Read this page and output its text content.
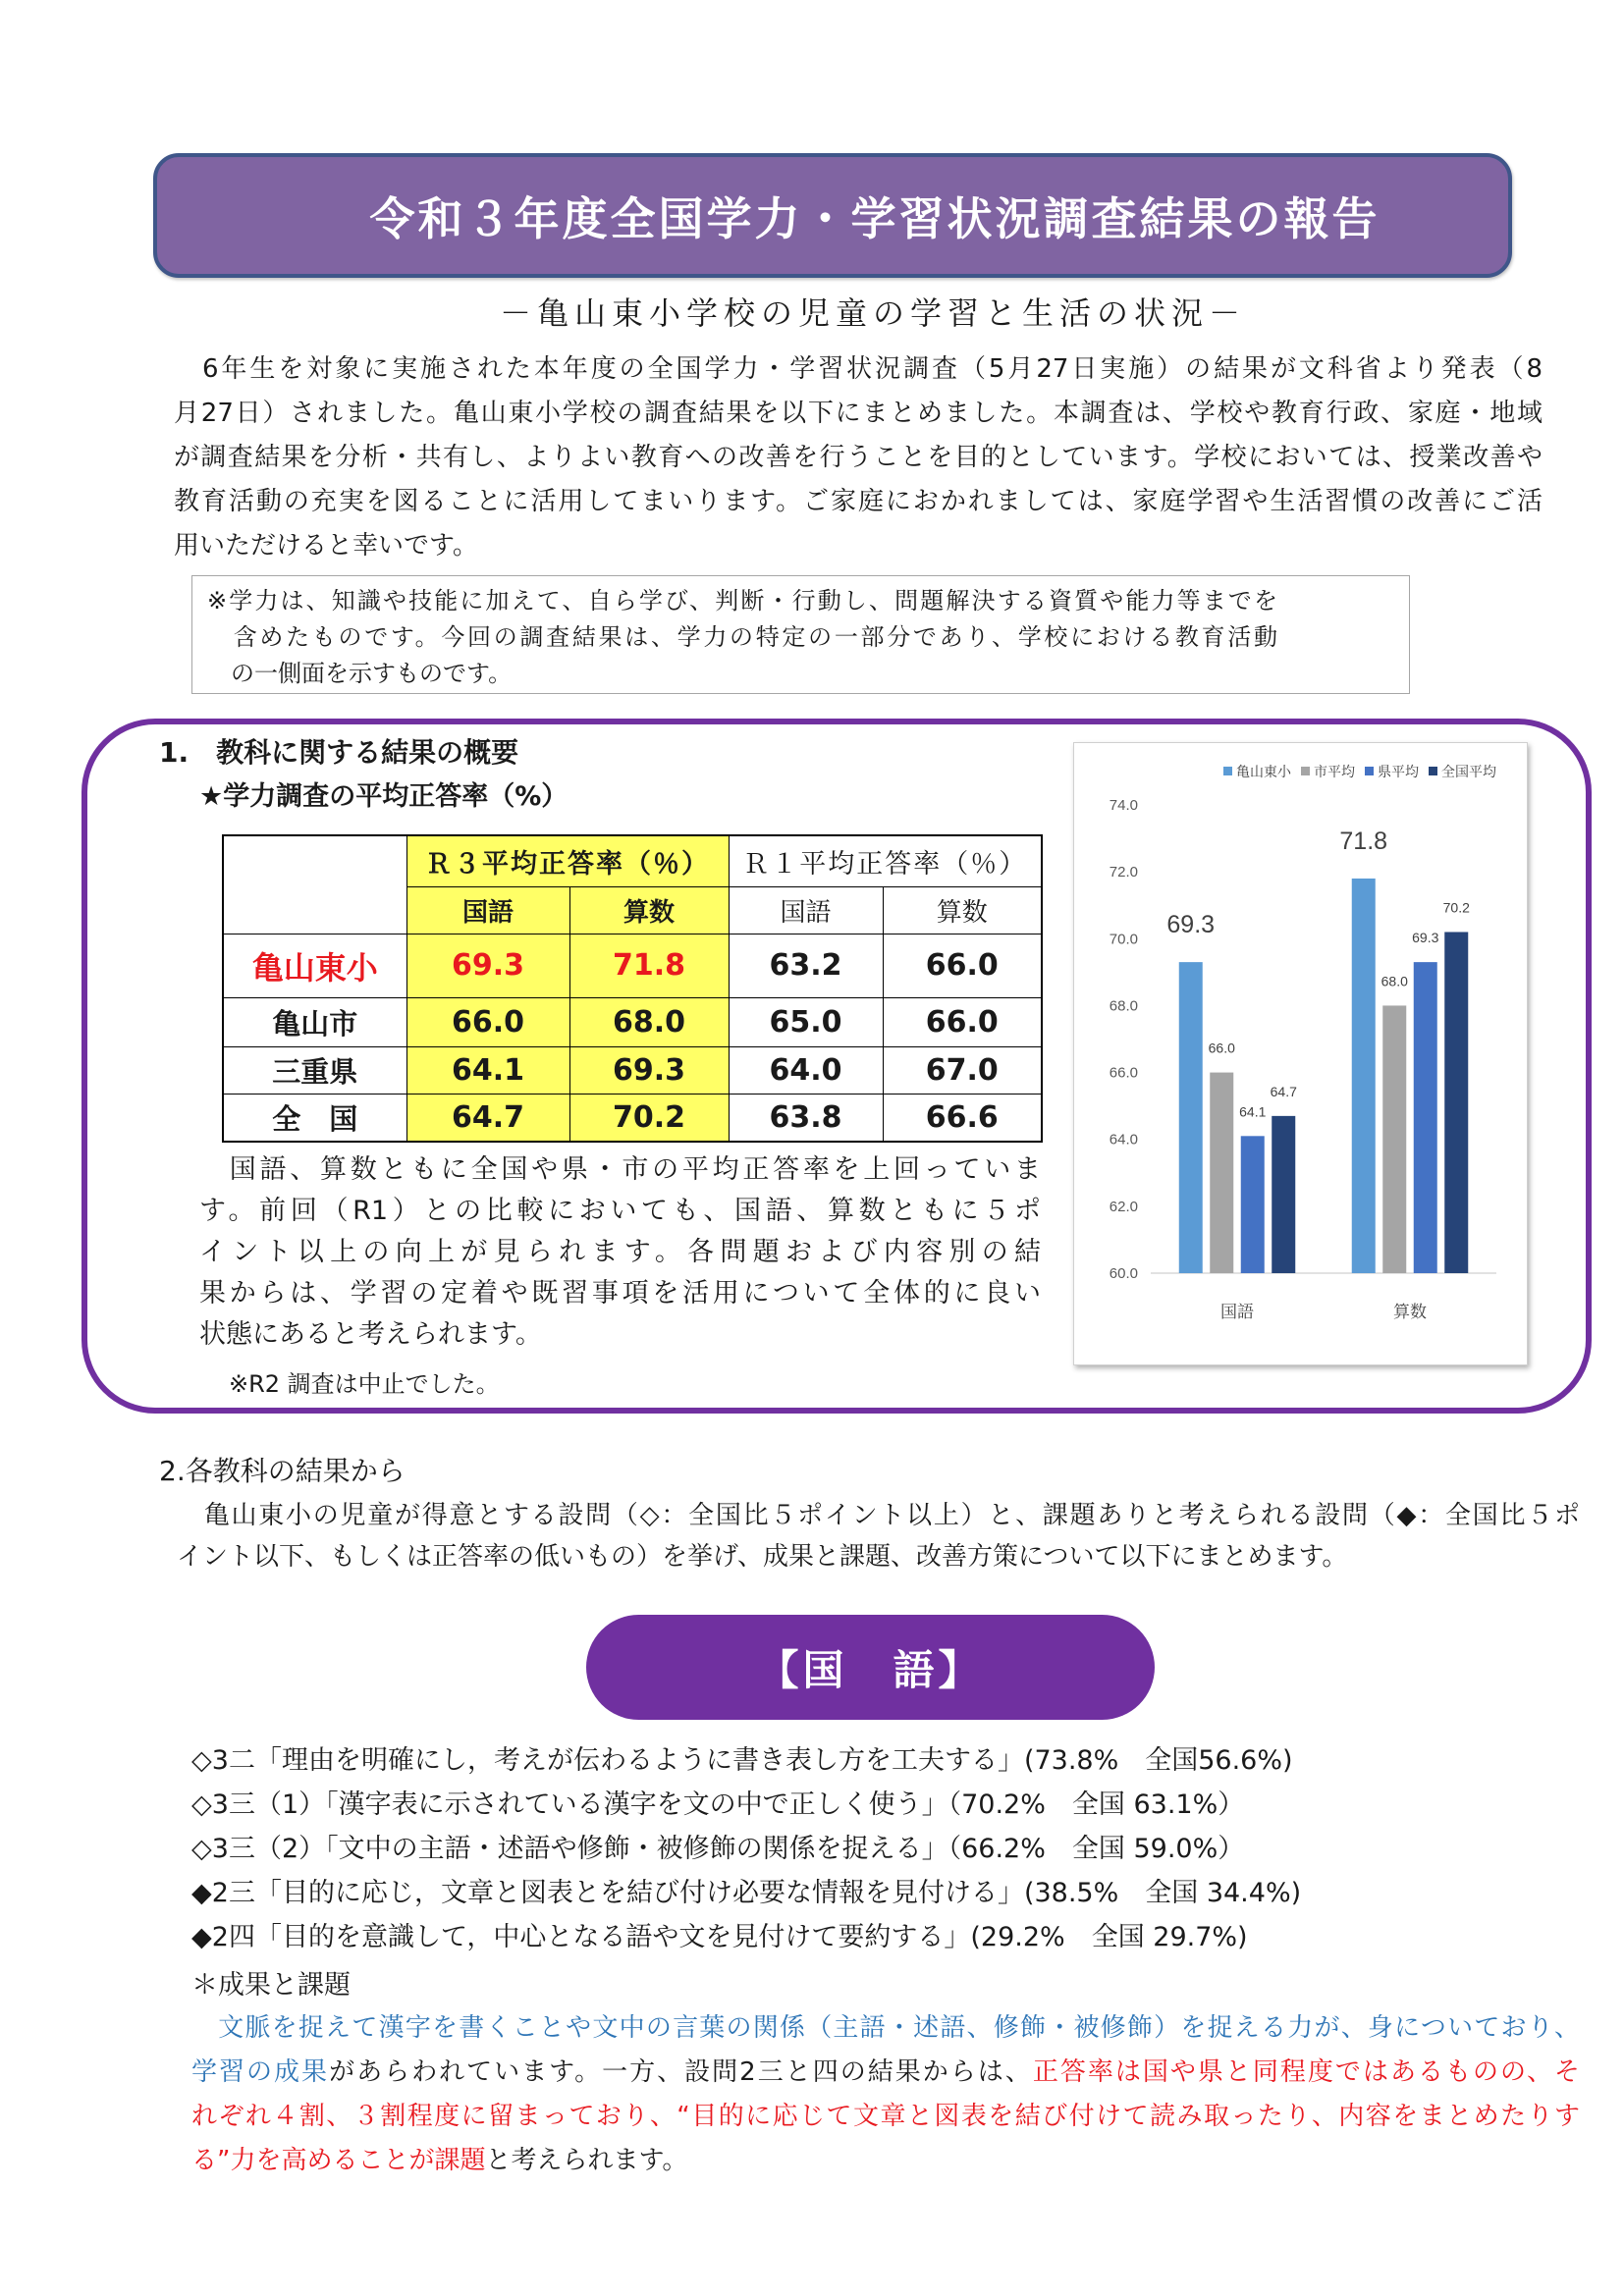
令和３年度全国学力・学習状況調査結果の報告
－亀山東小学校の児童の学習と生活の状況－
　6年生を対象に実施された本年度の全国学力・学習状況調査（5月27日実施）の結果が文科省より発表（8
月27日）されました。亀山東小学校の調査結果を以下にまとめました。本調査は、学校や教育行政、家庭・地域
が調査結果を分析・共有し、よりよい教育への改善を行うことを目的としています。学校においては、授業改善や
教育活動の充実を図ることに活用してまいります。ご家庭におかれましては、家庭学習や生活習慣の改善にご活
用いただけると幸いです。
※学力は、知識や技能に加えて、自ら学び、判断・行動し、問題解決する資質や能力等までを
　含めたものです。今回の調査結果は、学力の特定の一部分であり、学校における教育活動
　の一側面を示すものです。
1.　教科に関する結果の概要
★学力調査の平均正答率（%）
	Ｒ３平均正答率（％）		Ｒ１平均正答率（％）	
	国語	算数	国語	算数
亀山東小	69.3	71.8	63.2	66.0
亀山市	66.0	68.0	65.0	66.0
三重県	64.1	69.3	64.0	67.0
全　国	64.7	70.2	63.8	66.6
　国語、算数ともに全国や県・市の平均正答率を上回っていま
す。前回（R1）との比較においても、国語、算数ともに５ポ
イント以上の向上が見られます。各問題および内容別の結
果からは、学習の定着や既習事項を活用について全体的に良い
状態にあると考えられます。
※R2 調査は中止でした。
60.0
62.0
64.0
66.0
68.0
70.0
72.0
74.0
69.3
66.0
64.1
64.7
国語
71.8
68.0
69.3
70.2
算数
亀山東小 市平均 県平均 全国平均
2.各教科の結果から
　亀山東小の児童が得意とする設問（◇：全国比５ポイント以上）と、課題ありと考えられる設問（◆：全国比５ポ
イント以下、もしくは正答率の低いもの）を挙げ、成果と課題、改善方策について以下にまとめます。
【国　語】
◇3二「理由を明確にし，考えが伝わるように書き表し方を工夫する」(73.8%　全国56.6%)
◇3三（1）「漢字表に示されている漢字を文の中で正しく使う」（70.2%　全国 63.1%）
◇3三（2）「文中の主語・述語や修飾・被修飾の関係を捉える」（66.2%　全国 59.0%）
◆2三「目的に応じ，文章と図表とを結び付け必要な情報を見付ける」(38.5%　全国 34.4%)
◆2四「目的を意識して，中心となる語や文を見付けて要約する」(29.2%　全国 29.7%)
＊成果と課題
　文脈を捉えて漢字を書くことや文中の言葉の関係（主語・述語、修飾・被修飾）を捉える力が、身についており、
学習の成果があらわれています。一方、設問2三と四の結果からは、正答率は国や県と同程度ではあるものの、そ
れぞれ４割、３割程度に留まっており、“目的に応じて文章と図表を結び付けて読み取ったり、内容をまとめたりす
る”力を高めることが課題と考えられます。
